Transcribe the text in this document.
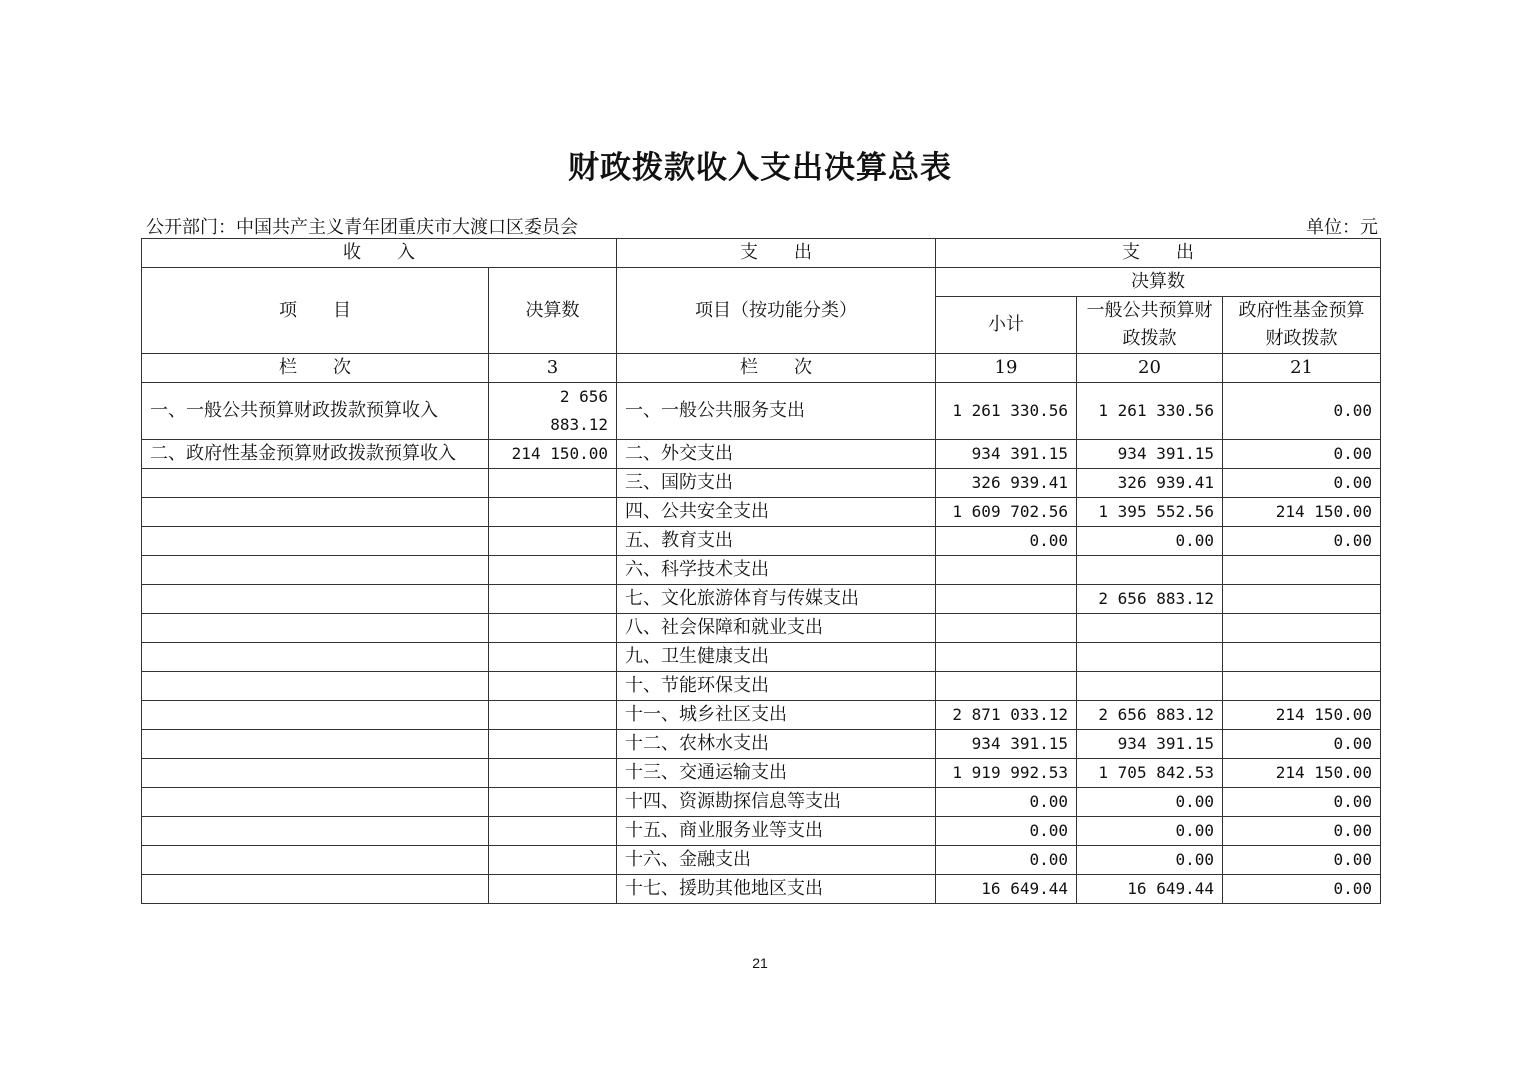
财政拨款收入支出决算总表
公开部门：中国共产主义青年团重庆市大渡口区委员会	单位：元
收　　入		支　　出	支　　出		
项　　目	决算数	项目（按功能分类）	决算数		
			小计	一般公共预算财政拨款	政府性基金预算财政拨款
栏　　次	3	栏　　次	19	20	21
一、一般公共预算财政拨款预算收入	2 656 883.12	一、一般公共服务支出	1 261 330.56	1 261 330.56	0.00
二、政府性基金预算财政拨款预算收入	214 150.00	二、外交支出	934 391.15	934 391.15	0.00
		三、国防支出	326 939.41	326 939.41	0.00
		四、公共安全支出	1 609 702.56	1 395 552.56	214 150.00
		五、教育支出	0.00	0.00	0.00
		六、科学技术支出			
		七、文化旅游体育与传媒支出		2 656 883.12	
		八、社会保障和就业支出			
		九、卫生健康支出			
		十、节能环保支出			
		十一、城乡社区支出	2 871 033.12	2 656 883.12	214 150.00
		十二、农林水支出	934 391.15	934 391.15	0.00
		十三、交通运输支出	1 919 992.53	1 705 842.53	214 150.00
		十四、资源勘探信息等支出	0.00	0.00	0.00
		十五、商业服务业等支出	0.00	0.00	0.00
		十六、金融支出	0.00	0.00	0.00
		十七、援助其他地区支出	16 649.44	16 649.44	0.00
21
